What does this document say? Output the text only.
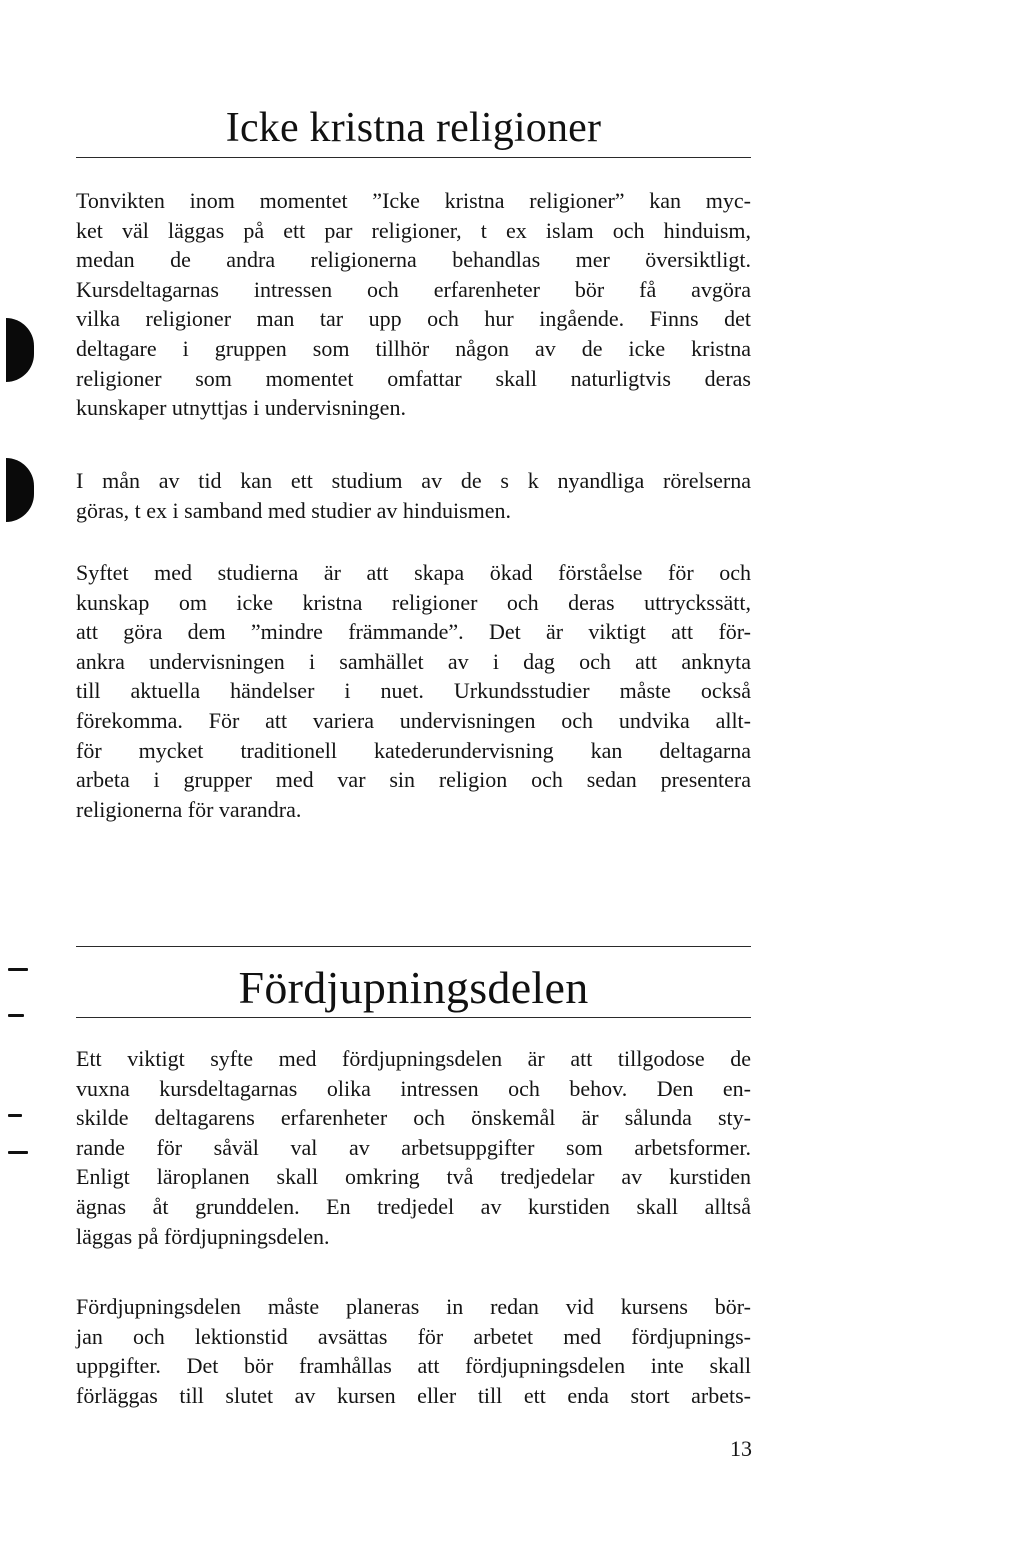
Icke kristna religioner

Tonvikten inom momentet ”Icke kristna religioner” kan myc-
ket väl läggas på ett par religioner, t ex islam och hinduism,
medan de andra religionerna behandlas mer översiktligt.
Kursdeltagarnas intressen och erfarenheter bör få avgöra
vilka religioner man tar upp och hur ingående. Finns det
deltagare i gruppen som tillhör någon av de icke kristna
religioner som momentet omfattar skall naturligtvis deras
kunskaper utnyttjas i undervisningen.

I mån av tid kan ett studium av de s k nyandliga rörelserna
göras, t ex i samband med studier av hinduismen.

Syftet med studierna är att skapa ökad förståelse för och
kunskap om icke kristna religioner och deras uttryckssätt,
att göra dem ”mindre främmande”. Det är viktigt att för-
ankra undervisningen i samhället av i dag och att anknyta
till aktuella händelser i nuet. Urkundsstudier måste också
förekomma. För att variera undervisningen och undvika allt-
för mycket traditionell katederundervisning kan deltagarna
arbeta i grupper med var sin religion och sedan presentera
religionerna för varandra.

Fördjupningsdelen

Ett viktigt syfte med fördjupningsdelen är att tillgodose de
vuxna kursdeltagarnas olika intressen och behov. Den en-
skilde deltagarens erfarenheter och önskemål är sålunda sty-
rande för såväl val av arbetsuppgifter som arbetsformer.
Enligt läroplanen skall omkring två tredjedelar av kurstiden
ägnas åt grunddelen. En tredjedel av kurstiden skall alltså
läggas på fördjupningsdelen.

Fördjupningsdelen måste planeras in redan vid kursens bör-
jan och lektionstid avsättas för arbetet med fördjupnings-
uppgifter. Det bör framhållas att fördjupningsdelen inte skall
förläggas till slutet av kursen eller till ett enda stort arbets-

13
